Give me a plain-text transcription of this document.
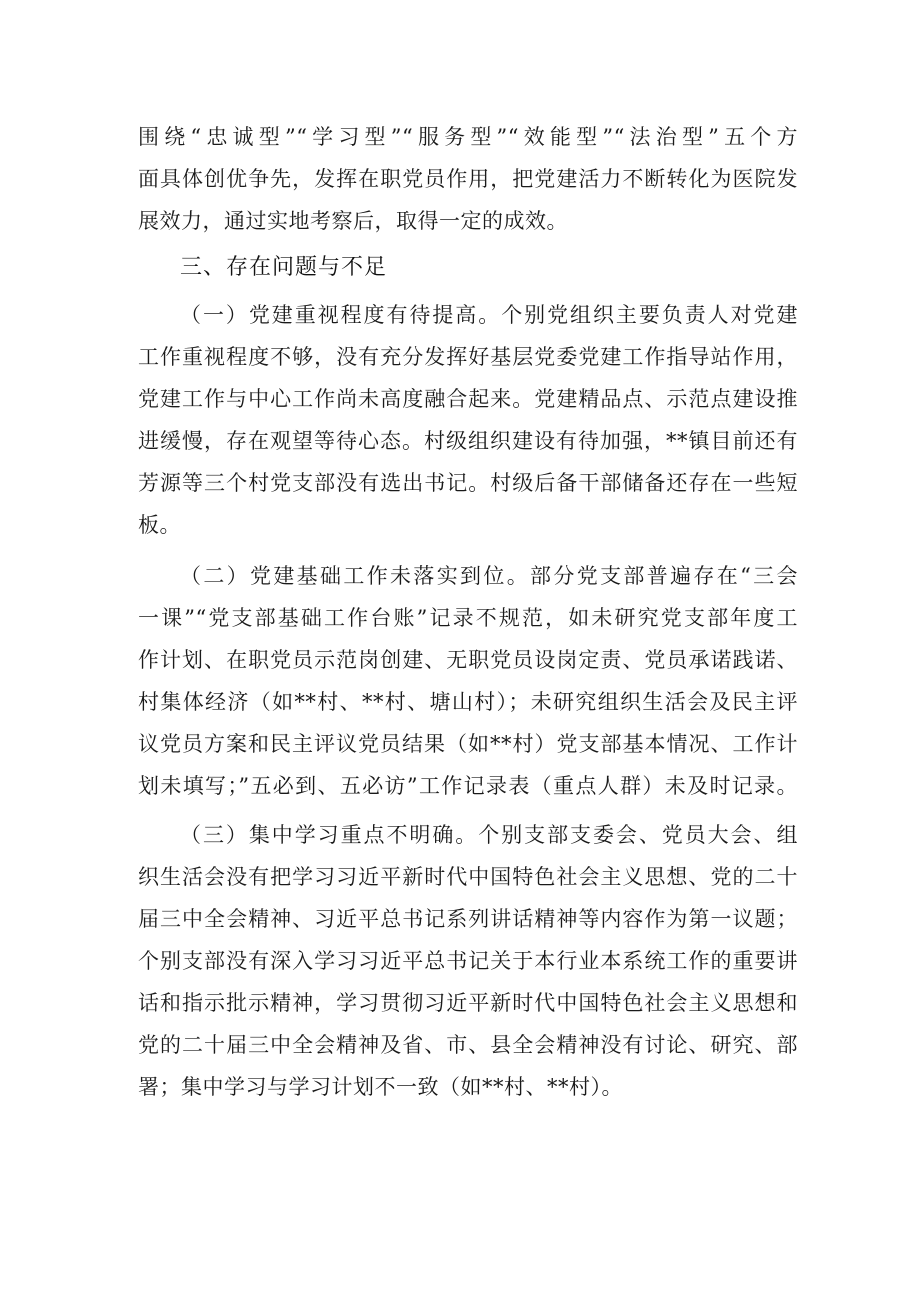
围绕“忠诚型”“学习型”“服务型”“效能型”“法治型”五个方
面具体创优争先，发挥在职党员作用，把党建活力不断转化为医院发
展效力，通过实地考察后，取得一定的成效。
三、存在问题与不足
（一）党建重视程度有待提高。个别党组织主要负责人对党建
工作重视程度不够，没有充分发挥好基层党委党建工作指导站作用，
党建工作与中心工作尚未高度融合起来。党建精品点、示范点建设推
进缓慢，存在观望等待心态。村级组织建设有待加强，**镇目前还有
芳源等三个村党支部没有选出书记。村级后备干部储备还存在一些短
板。
（二）党建基础工作未落实到位。部分党支部普遍存在“三会
一课”“党支部基础工作台账”记录不规范，如未研究党支部年度工
作计划、在职党员示范岗创建、无职党员设岗定责、党员承诺践诺、
村集体经济（如**村、**村、塘山村）；未研究组织生活会及民主评
议党员方案和民主评议党员结果（如**村）党支部基本情况、工作计
划未填写；”五必到、五必访”工作记录表（重点人群）未及时记录。
（三）集中学习重点不明确。个别支部支委会、党员大会、组
织生活会没有把学习习近平新时代中国特色社会主义思想、党的二十
届三中全会精神、习近平总书记系列讲话精神等内容作为第一议题；
个别支部没有深入学习习近平总书记关于本行业本系统工作的重要讲
话和指示批示精神，学习贯彻习近平新时代中国特色社会主义思想和
党的二十届三中全会精神及省、市、县全会精神没有讨论、研究、部
署；集中学习与学习计划不一致（如**村、**村）。
